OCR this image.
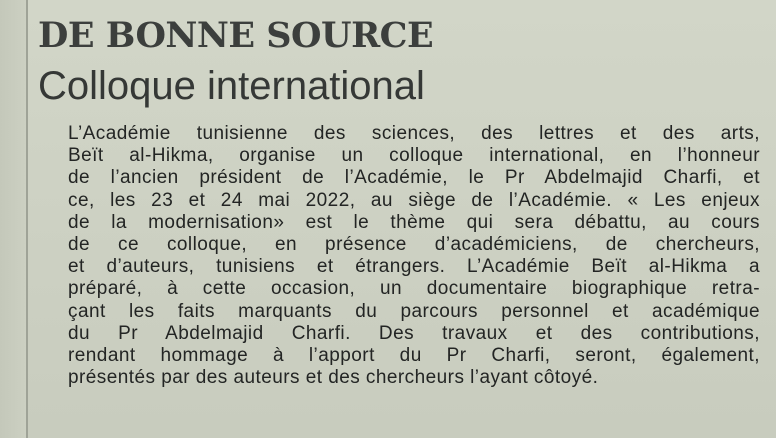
DE BONNE SOURCE
Colloque international
L’Académie tunisienne des sciences, des lettres et des arts,
Beït al-Hikma, organise un colloque international, en l’honneur
de l’ancien président de l’Académie, le Pr Abdelmajid Charfi, et
ce, les 23 et 24 mai 2022, au siège de l’Académie. « Les enjeux
de la modernisation» est le thème qui sera débattu, au cours
de ce colloque, en présence d’académiciens, de chercheurs,
et d’auteurs, tunisiens et étrangers. L’Académie Beït al-Hikma a
préparé, à cette occasion, un documentaire biographique retra-
çant les faits marquants du parcours personnel et académique
du Pr Abdelmajid Charfi. Des travaux et des contributions,
rendant hommage à l’apport du Pr Charfi, seront, également,
présentés par des auteurs et des chercheurs l’ayant côtoyé.
